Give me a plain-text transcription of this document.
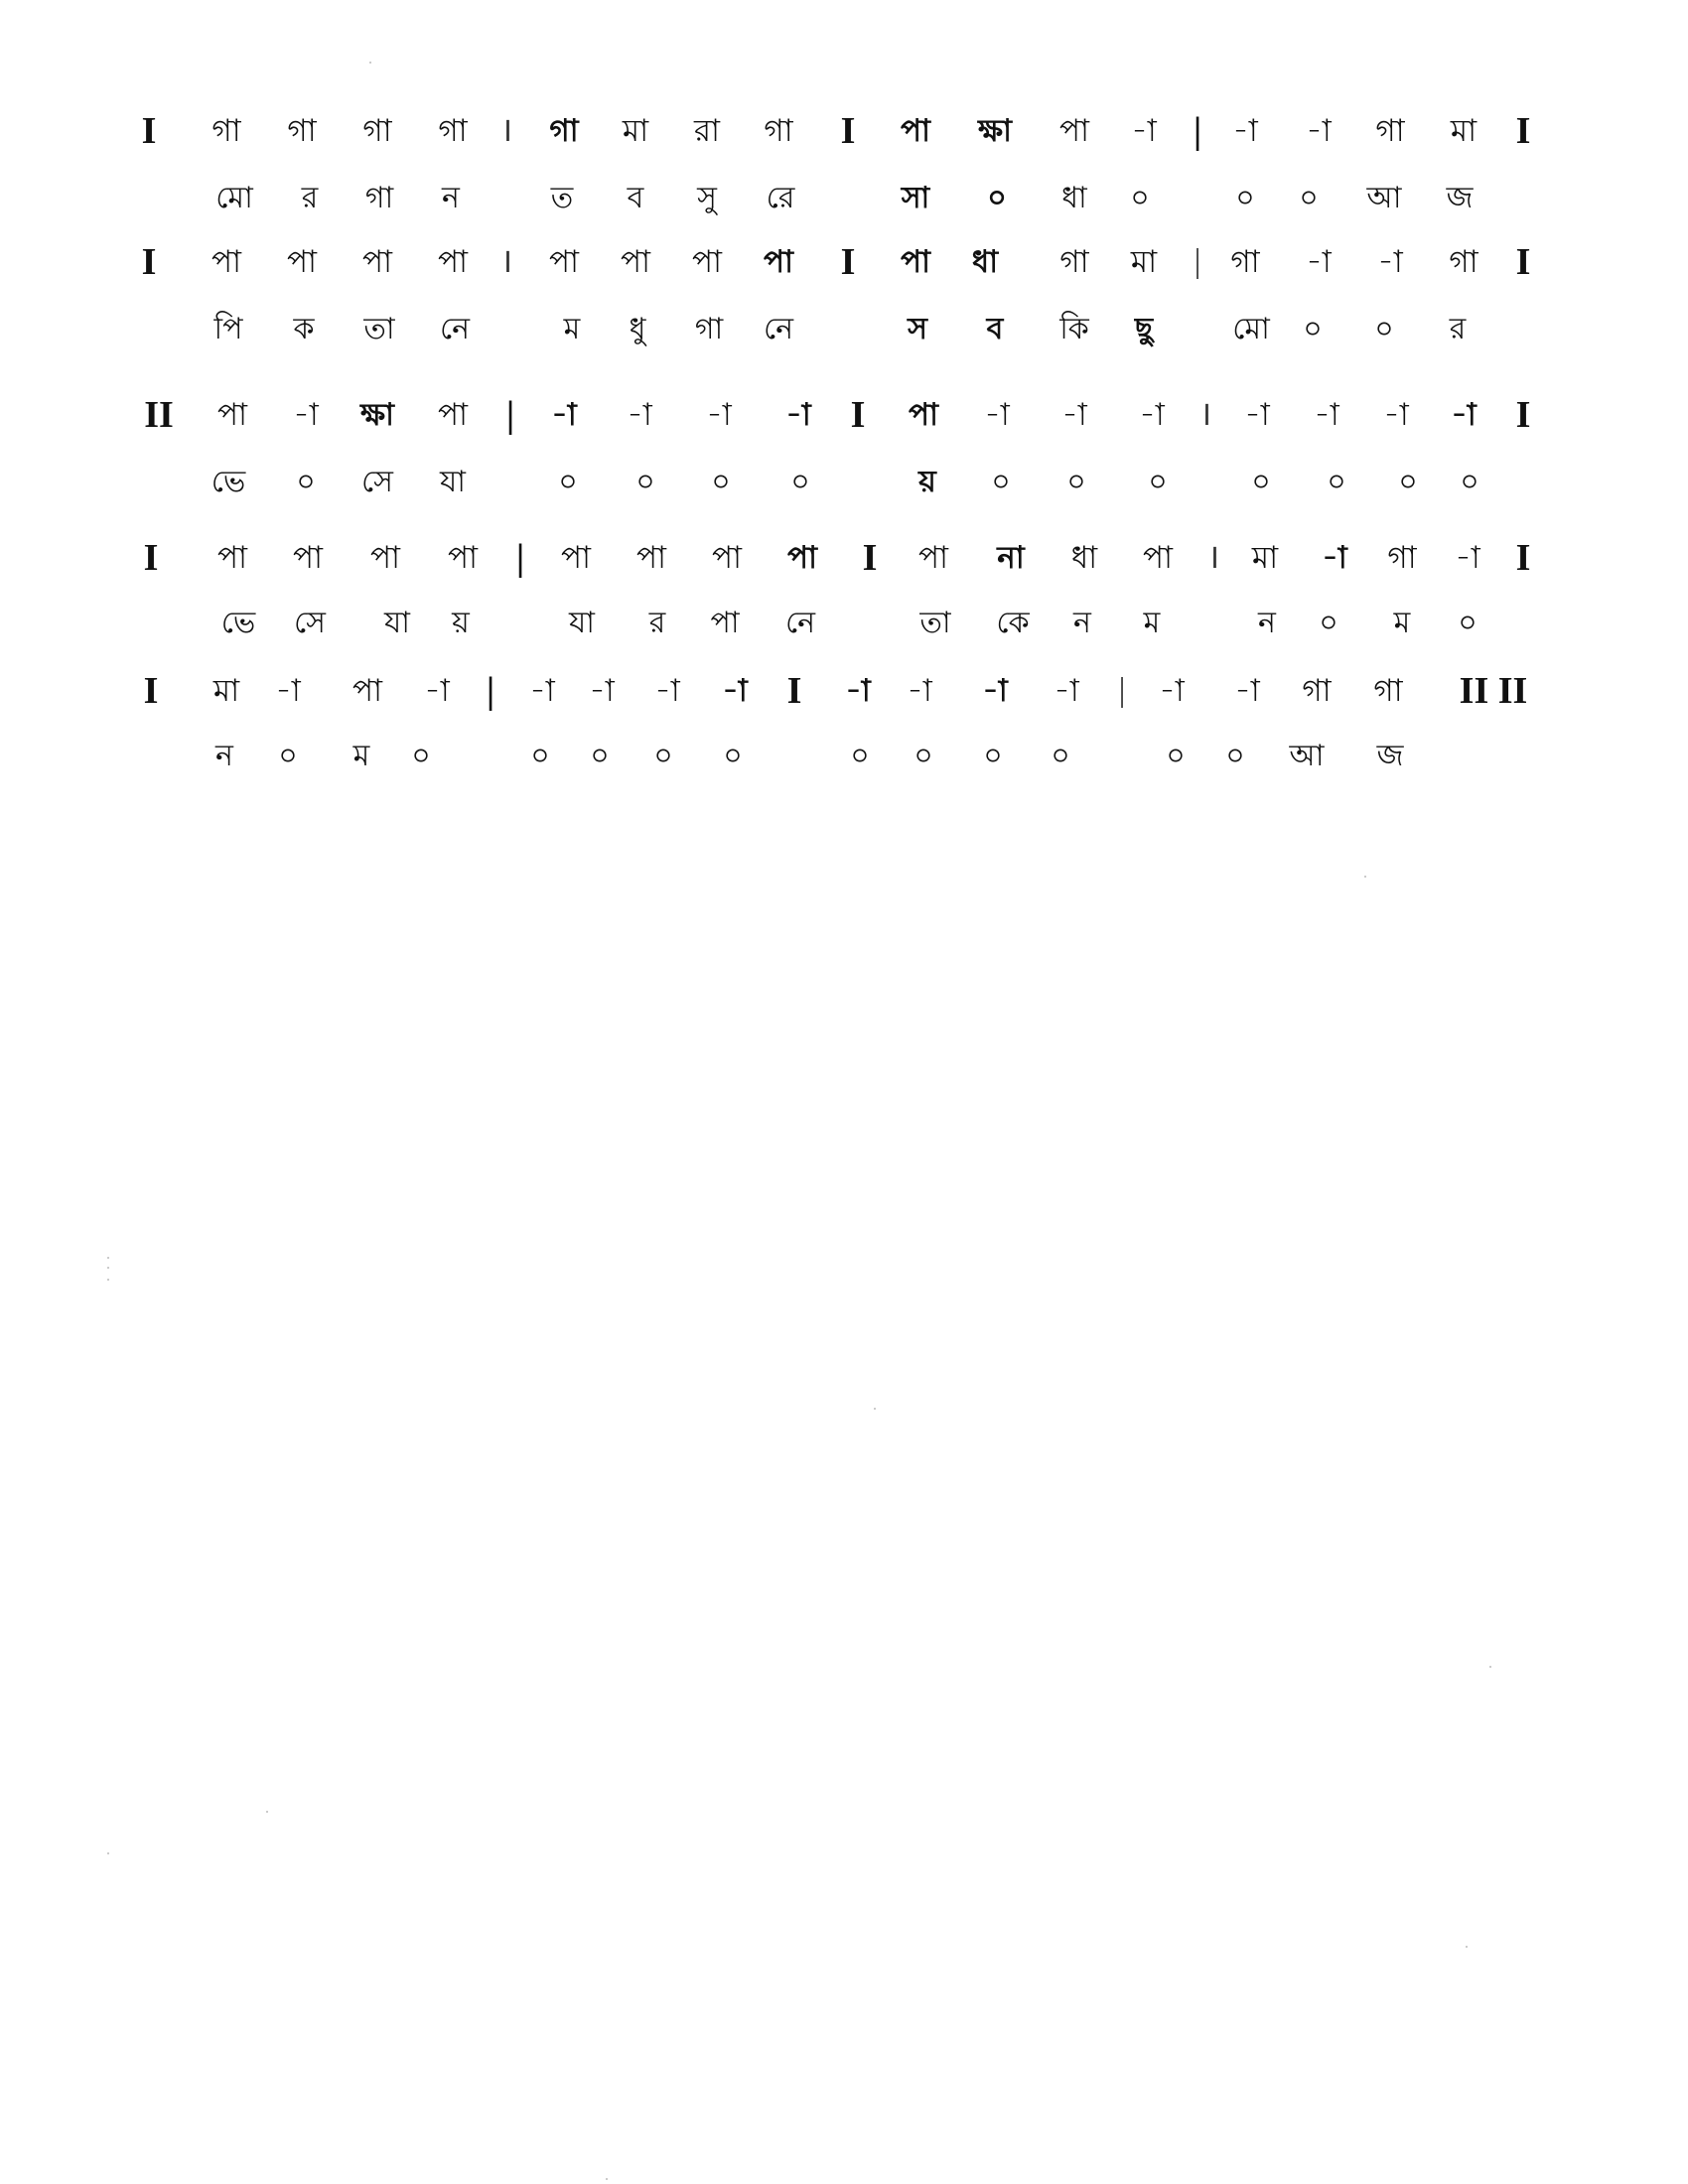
I গা গা গা গা । গা মা রা গা I পা ক্ষা পা -া | -া -া গা মা I
মো র গা ন	ত ব সু রে	সা ০ ধা ০	০ ০ আ জ
I পা পা পা পা । পা পা পা পা I পা ধা গা মা | গা -া -া গা I
পি ক তা নে	ম ধু গা নে	স ব কি ছু	মো ০ ০ র
II পা -া ক্ষা পা | -া -া -া -া I পা -া -া -া । -া -া -া -া I
ভে ০ সে যা	০ ০ ০ ০	য় ০ ০ ০	০ ০ ০ ০
I পা পা পা পা | পা পা পা পা I পা না ধা পা । মা -া গা -া I
ভে সে যা য়	যা র পা নে	তা কে ন ম	ন ০ ম ০
I মা -া পা -া | -া -া -া -া I -া -া -া -া | -া -া গা গা II II
ন ০ ম ০	০ ০ ০ ০	০ ০ ০ ০	০ ০ আ জ
